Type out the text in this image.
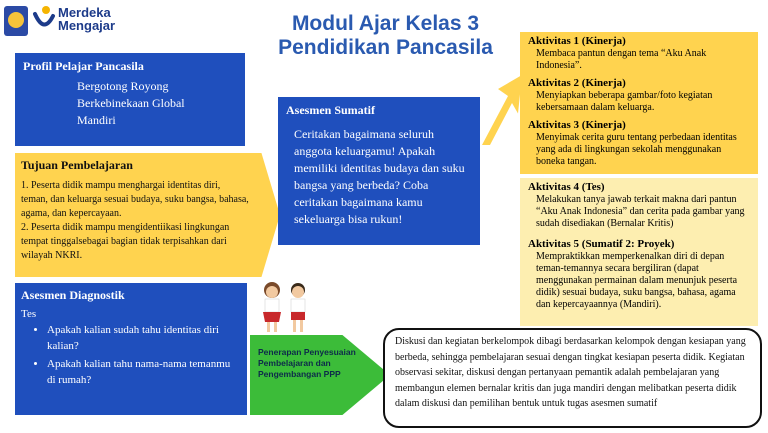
Merdeka
Mengajar	Modul Ajar Kelas 3
Pendidikan Pancasila
Profil Pelajar Pancasila
Bergotong Royong
Berkebinekaan Global
Mandiri
Tujuan Pembelajaran
1. Peserta didik mampu menghargai identitas diri, teman, dan keluarga sesuai budaya, suku bangsa, bahasa, agama, dan kepercayaan.
2. Peserta didik mampu mengidentiikasi lingkungan tempat tinggalsebagai bagian tidak terpisahkan dari wilayah NKRI.
Asesmen Sumatif
Ceritakan bagaimana seluruh anggota keluargamu! Apakah memiliki identitas budaya dan suku bangsa yang berbeda? Coba ceritakan bagaimana kamu sekeluarga bisa rukun!
Aktivitas 1 (Kinerja)
Membaca pantun dengan tema “Aku Anak Indonesia”.
Aktivitas 2 (Kinerja)
Menyiapkan beberapa gambar/foto kegiatan kebersamaan dalam keluarga.
Aktivitas 3 (Kinerja)
Menyimak cerita guru tentang perbedaan identitas yang ada di lingkungan sekolah menggunakan boneka tangan.
Aktivitas 4 (Tes)
Melakukan tanya jawab terkait makna dari pantun “Aku Anak Indonesia” dan cerita pada gambar yang sudah disediakan (Bernalar Kritis)
Aktivitas 5 (Sumatif 2: Proyek)
Mempraktikkan memperkenalkan diri di depan teman-temannya secara bergiliran (dapat menggunakan permainan dalam menunjuk peserta didik) sesuai budaya, suku bangsa, bahasa, agama dan kepercayaannya (Mandiri).
Asesmen Diagnostik
Tes
• Apakah kalian sudah tahu identitas diri kalian?
• Apakah kalian tahu nama-nama temanmu di rumah?
Penerapan Penyesuaian
Pembelajaran dan
Pengembangan PPP
Diskusi dan kegiatan berkelompok dibagi berdasarkan kelompok dengan kesiapan yang berbeda, sehingga pembelajaran sesuai dengan tingkat kesiapan peserta didik. Kegiatan observasi sekitar, diskusi dengan pertanyaan pemantik adalah pembelajaran yang membangun elemen bernalar kritis dan juga mandiri dengan melibatkan peserta didik dalam diskusi dan pemilihan bentuk untuk tugas asesmen sumatif
